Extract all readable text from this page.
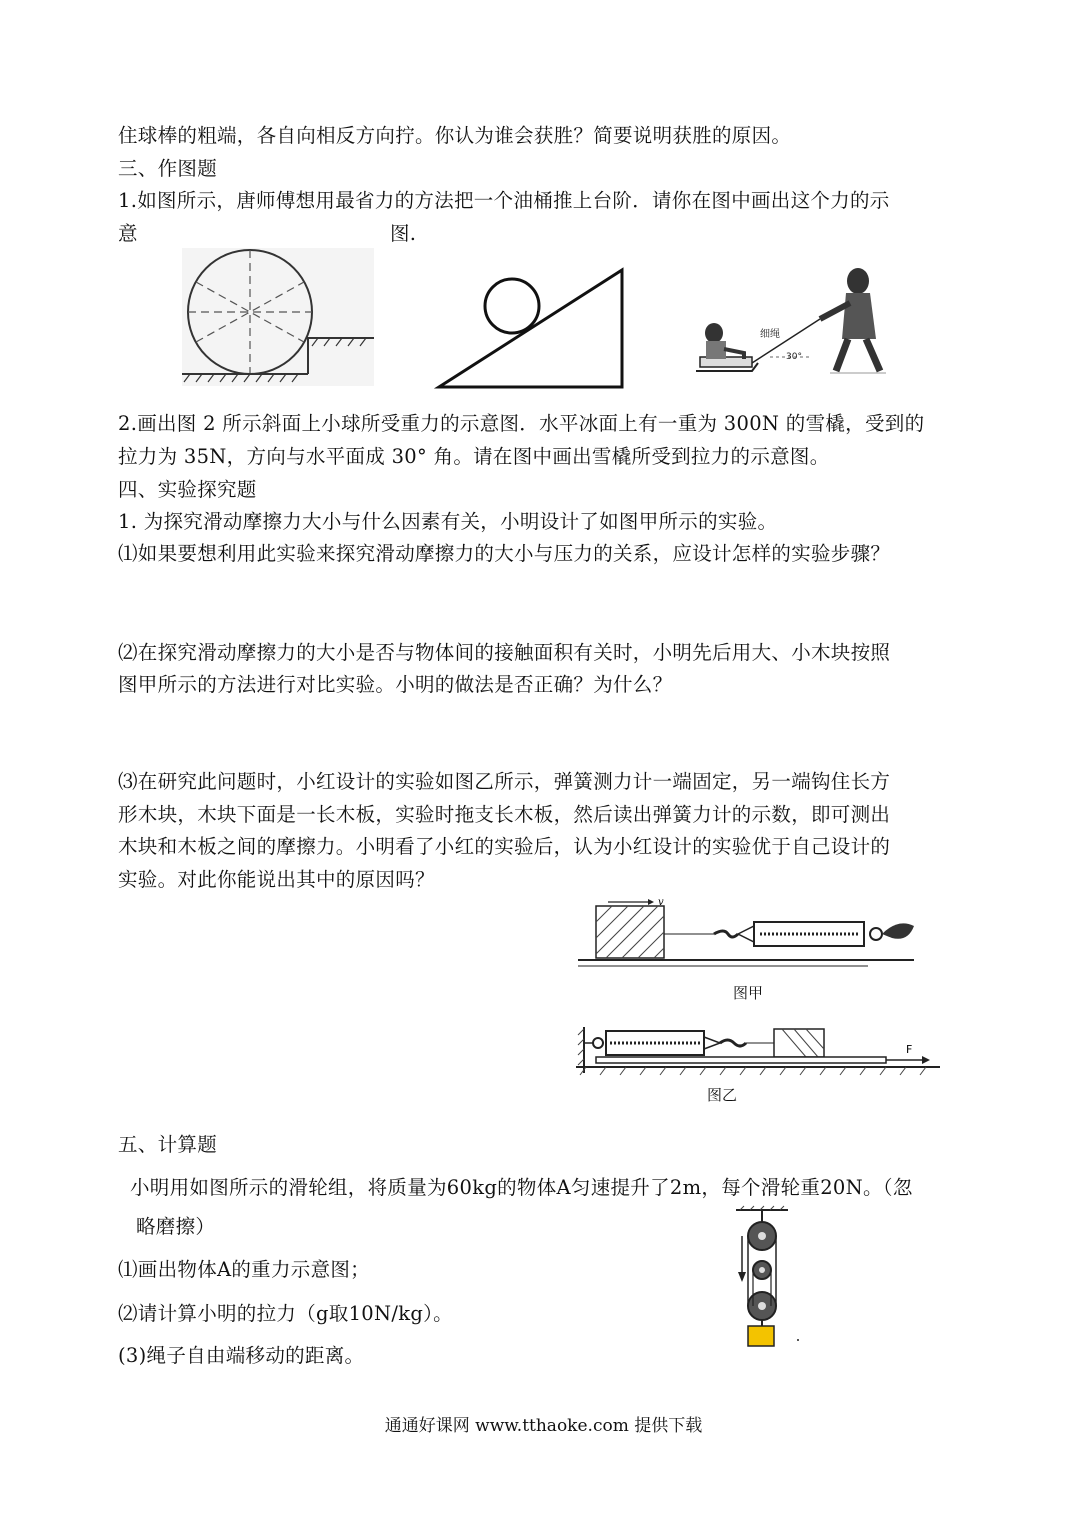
住球棒的粗端，各自向相反方向拧。你认为谁会获胜？简要说明获胜的原因。
三、作图题
1.如图所示，唐师傅想用最省力的方法把一个油桶推上台阶．请你在图中画出这个力的示
意	图.
细绳
30°
2.画出图 2 所示斜面上小球所受重力的示意图．水平冰面上有一重为 300N 的雪橇，受到的
拉力为 35N，方向与水平面成 30° 角。请在图中画出雪橇所受到拉力的示意图。
四、实验探究题
1. 为探究滑动摩擦力大小与什么因素有关，小明设计了如图甲所示的实验。
⑴如果要想利用此实验来探究滑动摩擦力的大小与压力的关系，应设计怎样的实验步骤？
⑵在探究滑动摩擦力的大小是否与物体间的接触面积有关时，小明先后用大、小木块按照
图甲所示的方法进行对比实验。小明的做法是否正确？为什么？
⑶在研究此问题时，小红设计的实验如图乙所示，弹簧测力计一端固定，另一端钩住长方
形木块，木块下面是一长木板，实验时拖支长木板，然后读出弹簧力计的示数，即可测出
木块和木板之间的摩擦力。小明看了小红的实验后，认为小红设计的实验优于自己设计的
实验。对此你能说出其中的原因吗？
v
图甲
F
图乙
五、计算题
小明用如图所示的滑轮组，将质量为60kg的物体A匀速提升了2m，每个滑轮重20N。（忽
略磨擦）
⑴画出物体A的重力示意图；
⑵请计算小明的拉力（g取10N/kg）。
(3)绳子自由端移动的距离。
通通好课网 www.tthaoke.com 提供下载
